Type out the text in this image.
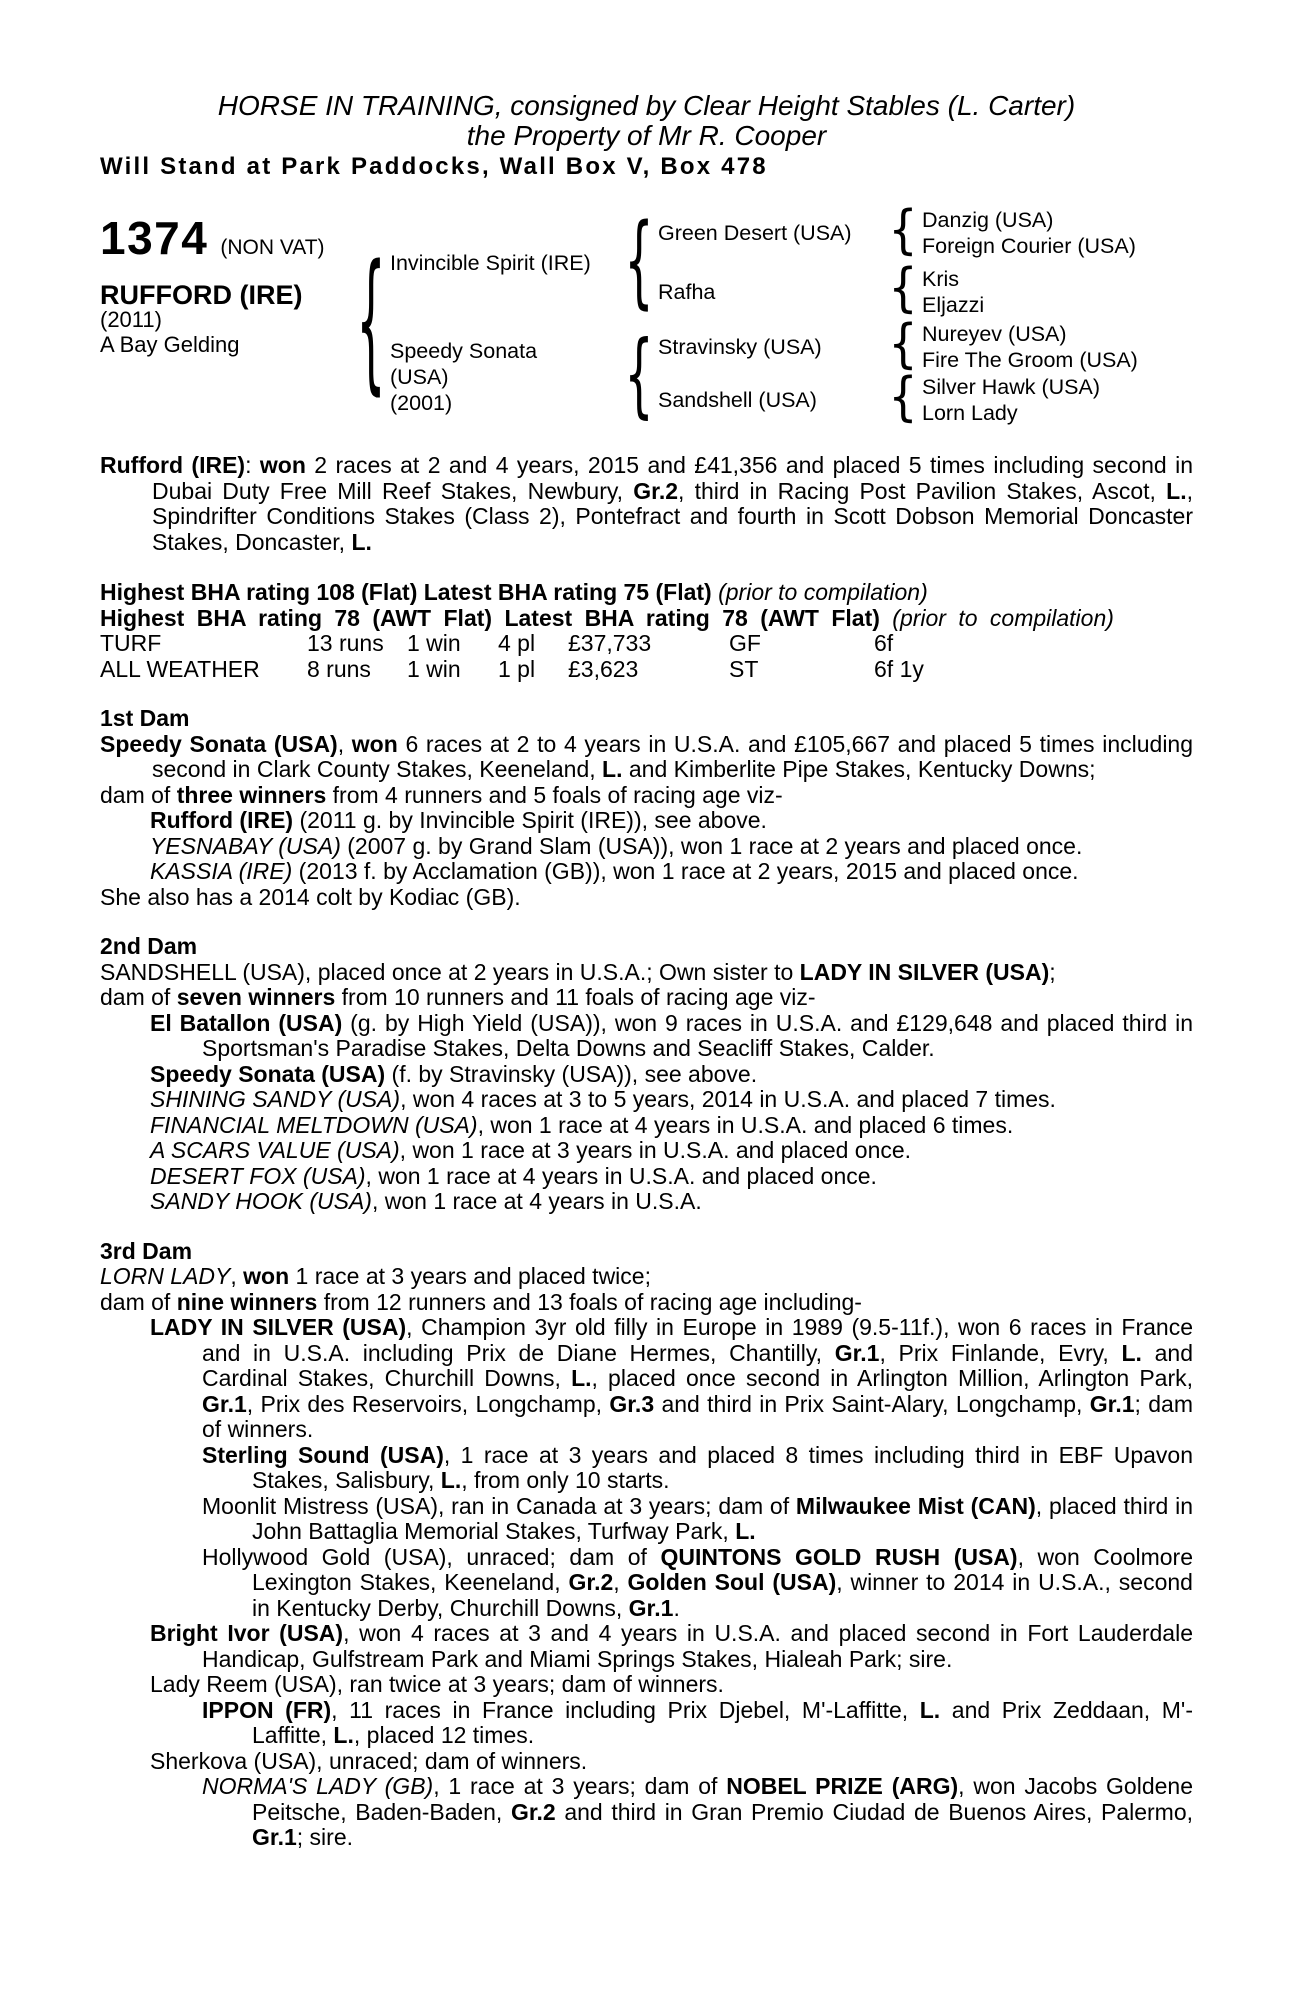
HORSE IN TRAINING, consigned by Clear Height Stables (L. Carter)
the Property of Mr R. Cooper
Will Stand at Park Paddocks, Wall Box V, Box 478
1374 (NON VAT)
RUFFORD (IRE)
(2011)
A Bay Gelding	{	{
{
{
{
{
{
Invincible Spirit (IRE)
Speedy Sonata
(USA)
(2001)
Green Desert (USA)
Rafha
Stravinsky (USA)
Sandshell (USA)
Danzig (USA)
Foreign Courier (USA)
Kris
Eljazzi
Nureyev (USA)
Fire The Groom (USA)
Silver Hawk (USA)
Lorn Lady

Rufford (IRE): won 2 races at 2 and 4 years, 2015 and £41,356 and placed 5 times including second in Dubai Duty Free Mill Reef Stakes, Newbury, Gr.2, third in Racing Post Pavilion Stakes, Ascot, L., Spindrifter Conditions Stakes (Class 2), Pontefract and fourth in Scott Dobson Memorial Doncaster Stakes, Doncaster, L.

Highest BHA rating 108 (Flat) Latest BHA rating 75 (Flat) (prior to compilation)

Highest BHA rating 78 (AWT Flat) Latest BHA rating 78 (AWT Flat) (prior to compilation)

TURF	13 runs	1 win	4 pl	£37,733	GF	6f
ALL WEATHER	8 runs	1 win	1 pl	£3,623	ST	6f 1y
1st Dam

Speedy Sonata (USA), won 6 races at 2 to 4 years in U.S.A. and £105,667 and placed 5 times including second in Clark County Stakes, Keeneland, L. and Kimberlite Pipe Stakes, Kentucky Downs;

dam of three winners from 4 runners and 5 foals of racing age viz-

Rufford (IRE) (2011 g. by Invincible Spirit (IRE)), see above.

YESNABAY (USA) (2007 g. by Grand Slam (USA)), won 1 race at 2 years and placed once.

KASSIA (IRE) (2013 f. by Acclamation (GB)), won 1 race at 2 years, 2015 and placed once.

She also has a 2014 colt by Kodiac (GB).

2nd Dam

SANDSHELL (USA), placed once at 2 years in U.S.A.; Own sister to LADY IN SILVER (USA);

dam of seven winners from 10 runners and 11 foals of racing age viz-

El Batallon (USA) (g. by High Yield (USA)), won 9 races in U.S.A. and £129,648 and placed third in Sportsman's Paradise Stakes, Delta Downs and Seacliff Stakes, Calder.

Speedy Sonata (USA) (f. by Stravinsky (USA)), see above.

SHINING SANDY (USA), won 4 races at 3 to 5 years, 2014 in U.S.A. and placed 7 times.

FINANCIAL MELTDOWN (USA), won 1 race at 4 years in U.S.A. and placed 6 times.

A SCARS VALUE (USA), won 1 race at 3 years in U.S.A. and placed once.

DESERT FOX (USA), won 1 race at 4 years in U.S.A. and placed once.

SANDY HOOK (USA), won 1 race at 4 years in U.S.A.

3rd Dam

LORN LADY, won 1 race at 3 years and placed twice;

dam of nine winners from 12 runners and 13 foals of racing age including-

LADY IN SILVER (USA), Champion 3yr old filly in Europe in 1989 (9.5-11f.), won 6 races in France and in U.S.A. including Prix de Diane Hermes, Chantilly, Gr.1, Prix Finlande, Evry, L. and Cardinal Stakes, Churchill Downs, L., placed once second in Arlington Million, Arlington Park, Gr.1, Prix des Reservoirs, Longchamp, Gr.3 and third in Prix Saint-Alary, Longchamp, Gr.1; dam of winners.

Sterling Sound (USA), 1 race at 3 years and placed 8 times including third in EBF Upavon Stakes, Salisbury, L., from only 10 starts.

Moonlit Mistress (USA), ran in Canada at 3 years; dam of Milwaukee Mist (CAN), placed third in John Battaglia Memorial Stakes, Turfway Park, L.

Hollywood Gold (USA), unraced; dam of QUINTONS GOLD RUSH (USA), won Coolmore Lexington Stakes, Keeneland, Gr.2, Golden Soul (USA), winner to 2014 in U.S.A., second in Kentucky Derby, Churchill Downs, Gr.1.

Bright Ivor (USA), won 4 races at 3 and 4 years in U.S.A. and placed second in Fort Lauderdale Handicap, Gulfstream Park and Miami Springs Stakes, Hialeah Park; sire.

Lady Reem (USA), ran twice at 3 years; dam of winners.

IPPON (FR), 11 races in France including Prix Djebel, M'-Laffitte, L. and Prix Zeddaan, M'-Laffitte, L., placed 12 times.

Sherkova (USA), unraced; dam of winners.

NORMA'S LADY (GB), 1 race at 3 years; dam of NOBEL PRIZE (ARG), won Jacobs Goldene Peitsche, Baden-Baden, Gr.2 and third in Gran Premio Ciudad de Buenos Aires, Palermo, Gr.1; sire.
